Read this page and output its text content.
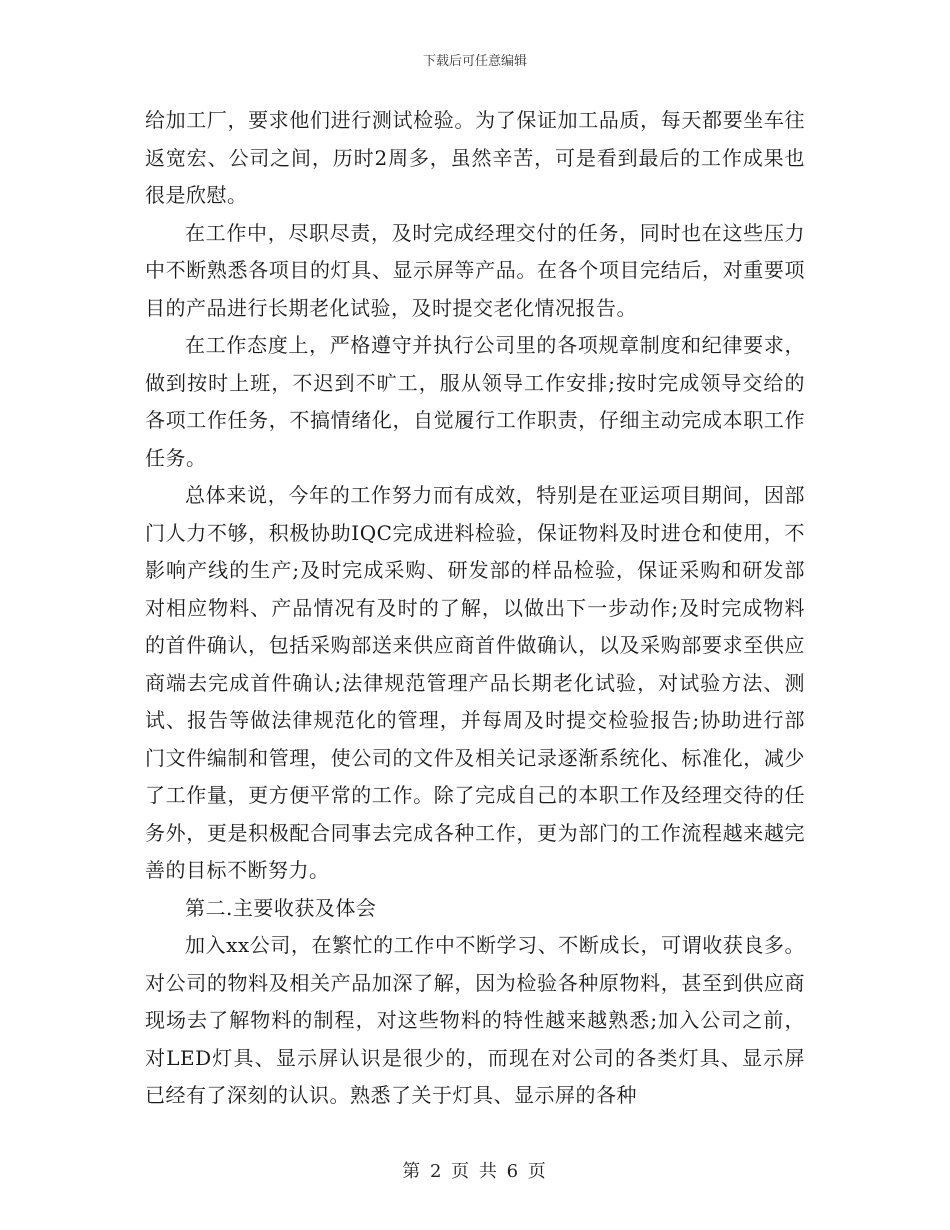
下载后可任意编辑

给加工厂，要求他们进行测试检验。为了保证加工品质，每天都要坐车往返宽宏、公司之间，历时2周多，虽然辛苦，可是看到最后的工作成果也很是欣慰。

在工作中，尽职尽责，及时完成经理交付的任务，同时也在这些压力中不断熟悉各项目的灯具、显示屏等产品。在各个项目完结后，对重要项目的产品进行长期老化试验，及时提交老化情况报告。

在工作态度上，严格遵守并执行公司里的各项规章制度和纪律要求，做到按时上班，不迟到不旷工，服从领导工作安排;按时完成领导交给的各项工作任务，不搞情绪化，自觉履行工作职责，仔细主动完成本职工作任务。

总体来说，今年的工作努力而有成效，特别是在亚运项目期间，因部门人力不够，积极协助IQC完成进料检验，保证物料及时进仓和使用，不影响产线的生产;及时完成采购、研发部的样品检验，保证采购和研发部对相应物料、产品情况有及时的了解，以做出下一步动作;及时完成物料的首件确认，包括采购部送来供应商首件做确认，以及采购部要求至供应商端去完成首件确认;法律规范管理产品长期老化试验，对试验方法、测试、报告等做法律规范化的管理，并每周及时提交检验报告;协助进行部门文件编制和管理，使公司的文件及相关记录逐渐系统化、标准化，减少了工作量，更方便平常的工作。除了完成自己的本职工作及经理交待的任务外，更是积极配合同事去完成各种工作，更为部门的工作流程越来越完善的目标不断努力。

第二.主要收获及体会

加入xx公司，在繁忙的工作中不断学习、不断成长，可谓收获良多。对公司的物料及相关产品加深了解，因为检验各种原物料，甚至到供应商现场去了解物料的制程，对这些物料的特性越来越熟悉;加入公司之前，对LED灯具、显示屏认识是很少的，而现在对公司的各类灯具、显示屏已经有了深刻的认识。熟悉了关于灯具、显示屏的各种

第 2 页 共 6 页
